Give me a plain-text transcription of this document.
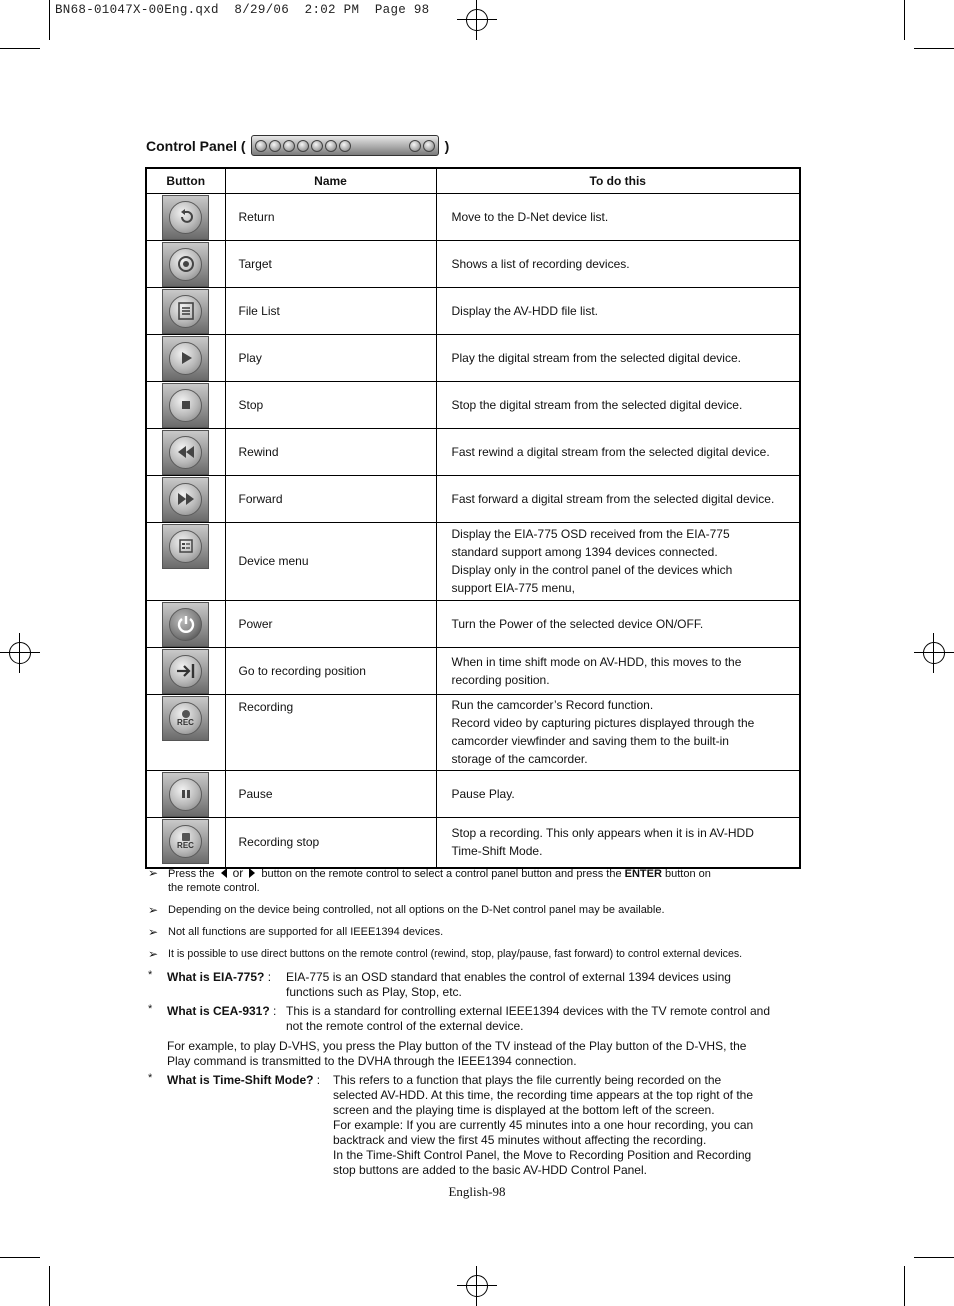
BN68-01047X-00Eng.qxd  8/29/06  2:02 PM  Page 98
Control Panel (	)
Button	Name	To do this

	Return	Move to the D-Net device list.

	Target	Shows a list of recording devices.

	File List	Display the AV-HDD file list.

	Play	Play the digital stream from the selected digital device.

	Stop	Stop the digital stream from the selected digital device.

	Rewind	Fast rewind a digital stream from the selected digital device.

	Forward	Fast forward a digital stream from the selected digital device.

	Device menu	Display the EIA-775 OSD received from the EIA-775
standard support among 1394 devices connected.
Display only in the control panel of the devices which
support EIA-775 menu,

	Power	Turn the Power of the selected device ON/OFF.

	Go to recording position	When in time shift mode on AV-HDD, this moves to the
recording position.

REC	Recording	Run the camcorder’s Record function.
Record video by capturing pictures displayed through the
camcorder viewfinder and saving them to the built-in
storage of the camcorder.

	Pause	Pause Play.

REC	Recording stop	Stop a recording. This only appears when it is in AV-HDD
Time-Shift Mode.
➢ Press the or button on the remote control to select a control panel button and press the ENTER button on
the remote control.
➢ Depending on the device being controlled, not all options on the D-Net control panel may be available.
➢ Not all functions are supported for all IEEE1394 devices.
➢ It is possible to use direct buttons on the remote control (rewind, stop, play/pause, fast forward) to control external devices.
* What is EIA-775? : EIA-775 is an OSD standard that enables the control of external 1394 devices using
functions such as Play, Stop, etc.
* What is CEA-931? : This is a standard for controlling external IEEE1394 devices with the TV remote control and
not the remote control of the external device.
For example, to play D-VHS, you press the Play button of the TV instead of the Play button of the D-VHS, the
Play command is transmitted to the DVHA through the IEEE1394 connection.
* What is Time-Shift Mode? : This refers to a function that plays the file currently being recorded on the
selected AV-HDD. At this time, the recording time appears at the top right of the
screen and the playing time is displayed at the bottom left of the screen.
For example: If you are currently 45 minutes into a one hour recording, you can
backtrack and view the first 45 minutes without affecting the recording.
In the Time-Shift Control Panel, the Move to Recording Position and Recording
stop buttons are added to the basic AV-HDD Control Panel.
English-98
